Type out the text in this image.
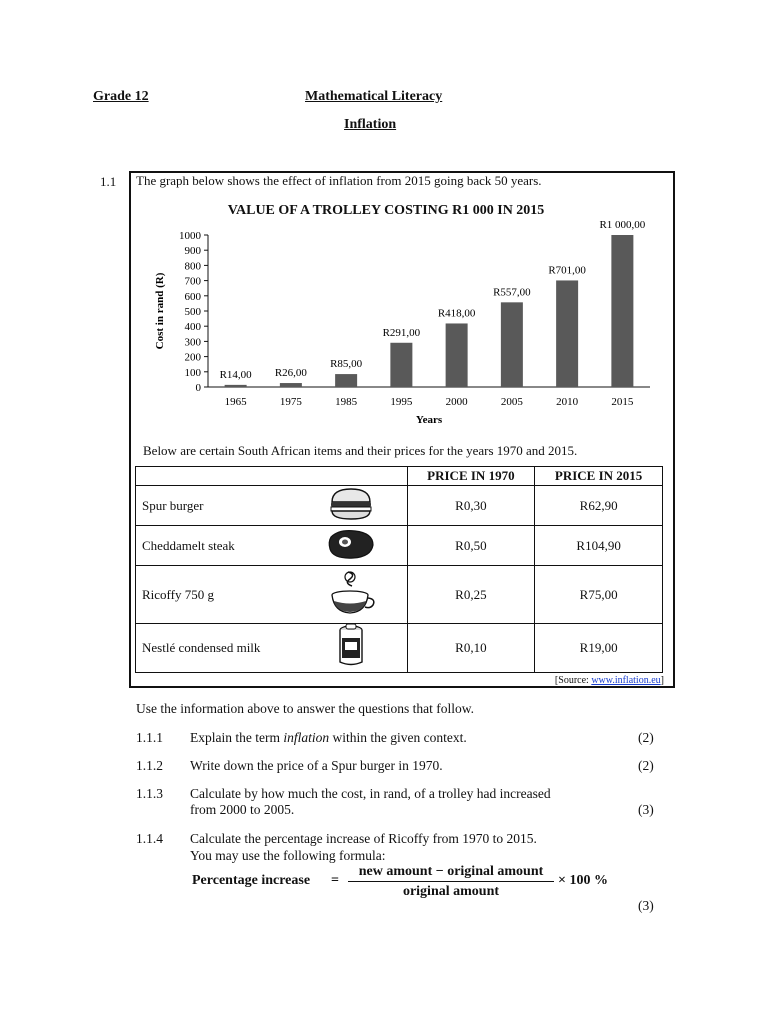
Grade 12	Mathematical Literacy
Inflation
1.1 The graph below shows the effect of inflation from 2015 going back 50 years.
VALUE OF A TROLLEY COSTING R1 000 IN 2015
0
100
200
300
400
500
600
700
800
900
1000
1965
R14,00
1975
R26,00
1985
R85,00
1995
R291,00
2000
R418,00
2005
R557,00
2010
R701,00
2015
R1 000,00
Years
Cost in rand (R)
Below are certain South African items and their prices for the years 1970 and 2015.
		PRICE IN 1970	PRICE IN 2015
Spur burger		R0,30	R62,90
Cheddamelt steak		R0,50	R104,90
Ricoffy 750 g		R0,25	R75,00
Nestlé condensed milk		R0,10	R19,00
[Source: www.inflation.eu]
Use the information above to answer the questions that follow.
1.1.1 Explain the term inflation within the given context.	(2)
1.1.2 Write down the price of a Spur burger in 1970.	(2)
1.1.3 Calculate by how much the cost, in rand, of a trolley had increased
from 2000 to 2005.	(3)
1.1.4 Calculate the percentage increase of Ricoffy from 1970 to 2015.
You may use the following formula:
Percentage increase =
new amount − original amount
original amount
× 100 %
(3)
